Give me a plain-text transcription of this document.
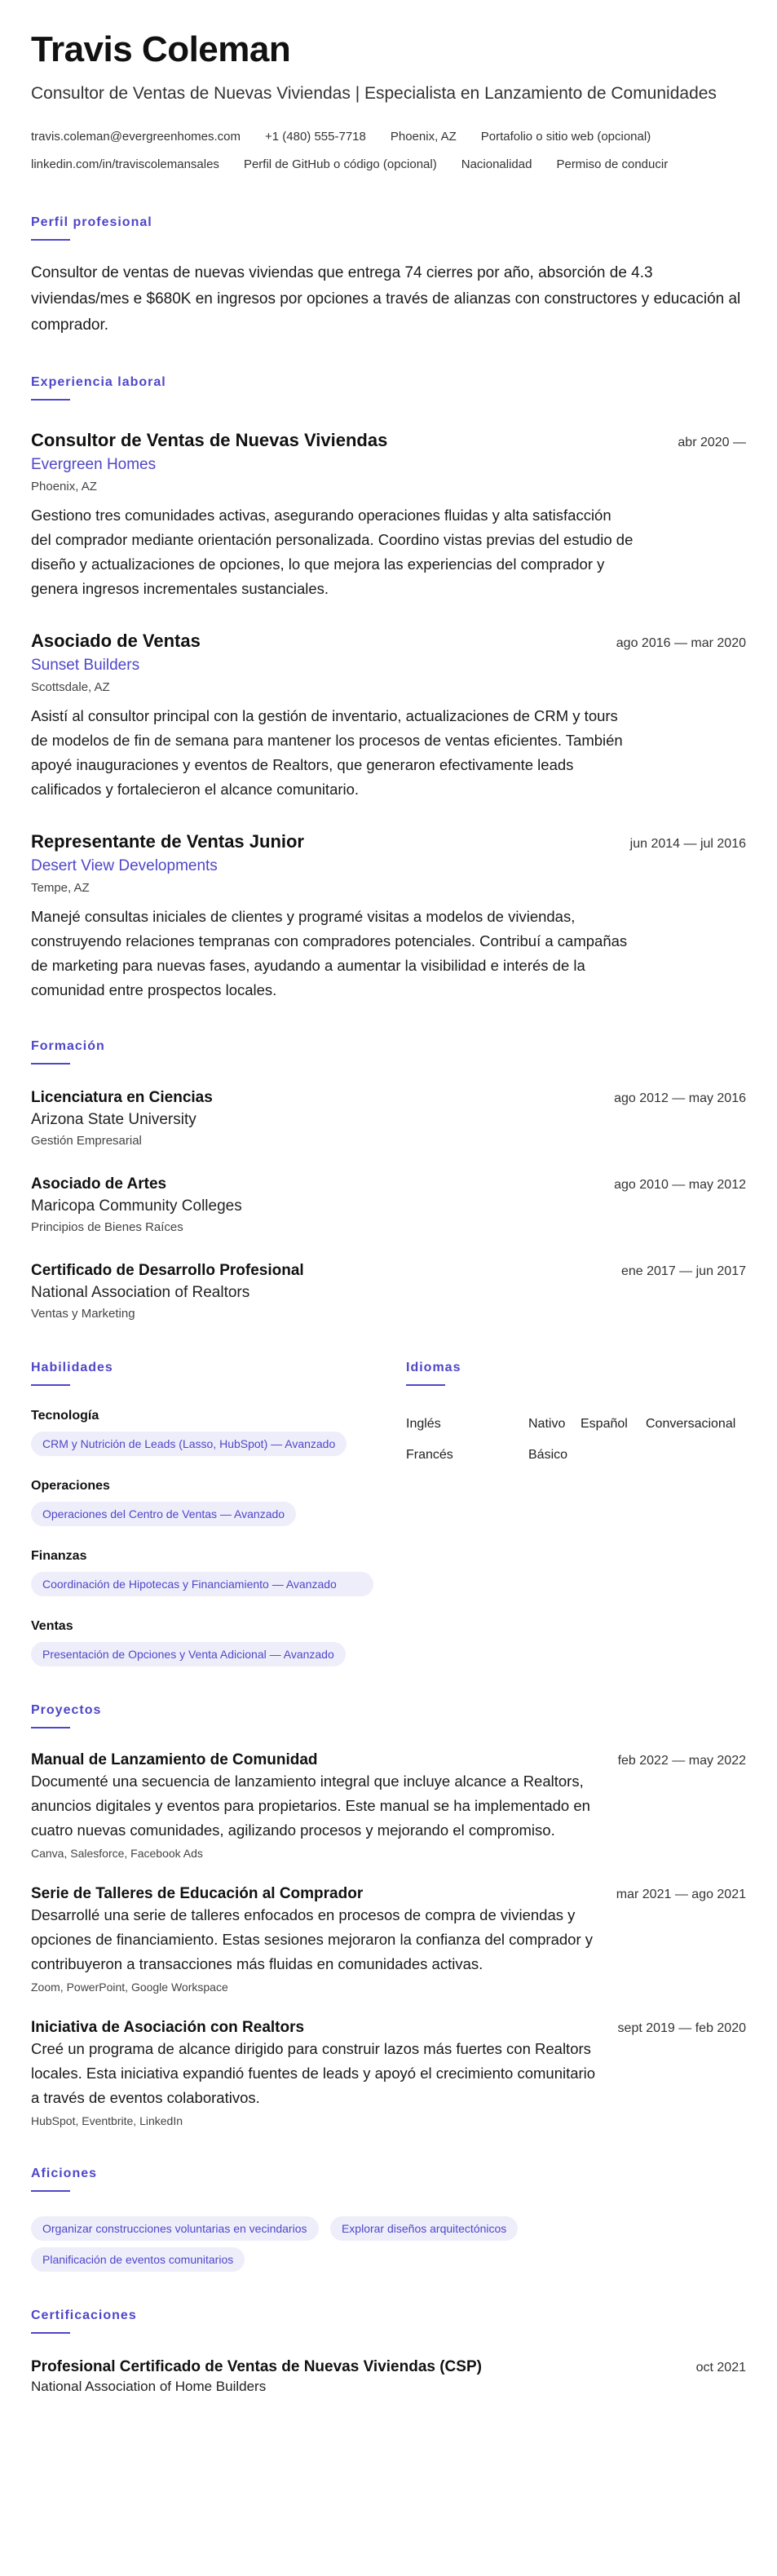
Travis Coleman
Consultor de Ventas de Nuevas Viviendas | Especialista en Lanzamiento de Comunidades
travis.coleman@evergreenhomes.com +1 (480) 555-7718 Phoenix, AZ Portafolio o sitio web (opcional)
linkedin.com/in/traviscolemansales Perfil de GitHub o código (opcional) Nacionalidad Permiso de conducir
Perfil profesional
Consultor de ventas de nuevas viviendas que entrega 74 cierres por año, absorción de 4.3 viviendas/mes e $680K en ingresos por opciones a través de alianzas con constructores y educación al comprador.
Experiencia laboral
Consultor de Ventas de Nuevas Viviendas	abr 2020 —
Evergreen Homes
Phoenix, AZ
Gestiono tres comunidades activas, asegurando operaciones fluidas y alta satisfacción del comprador mediante orientación personalizada. Coordino vistas previas del estudio de diseño y actualizaciones de opciones, lo que mejora las experiencias del comprador y genera ingresos incrementales sustanciales.
Asociado de Ventas	ago 2016 — mar 2020
Sunset Builders
Scottsdale, AZ
Asistí al consultor principal con la gestión de inventario, actualizaciones de CRM y tours de modelos de fin de semana para mantener los procesos de ventas eficientes. También apoyé inauguraciones y eventos de Realtors, que generaron efectivamente leads calificados y fortalecieron el alcance comunitario.
Representante de Ventas Junior	jun 2014 — jul 2016
Desert View Developments
Tempe, AZ
Manejé consultas iniciales de clientes y programé visitas a modelos de viviendas, construyendo relaciones tempranas con compradores potenciales. Contribuí a campañas de marketing para nuevas fases, ayudando a aumentar la visibilidad e interés de la comunidad entre prospectos locales.
Formación
Licenciatura en Ciencias	ago 2012 — may 2016
Arizona State University
Gestión Empresarial
Asociado de Artes	ago 2010 — may 2012
Maricopa Community Colleges
Principios de Bienes Raíces
Certificado de Desarrollo Profesional	ene 2017 — jun 2017
National Association of Realtors
Ventas y Marketing
Habilidades
Tecnología
CRM y Nutrición de Leads (Lasso, HubSpot) — Avanzado
Operaciones
Operaciones del Centro de Ventas — Avanzado
Finanzas
Coordinación de Hipotecas y Financiamiento — Avanzado
Ventas
Presentación de Opciones y Venta Adicional — Avanzado
Idiomas
Inglés	Nativo	Español	Conversacional
Francés	Básico
Proyectos
Manual de Lanzamiento de Comunidad	feb 2022 — may 2022
Documenté una secuencia de lanzamiento integral que incluye alcance a Realtors, anuncios digitales y eventos para propietarios. Este manual se ha implementado en cuatro nuevas comunidades, agilizando procesos y mejorando el compromiso.
Canva, Salesforce, Facebook Ads
Serie de Talleres de Educación al Comprador	mar 2021 — ago 2021
Desarrollé una serie de talleres enfocados en procesos de compra de viviendas y opciones de financiamiento. Estas sesiones mejoraron la confianza del comprador y contribuyeron a transacciones más fluidas en comunidades activas.
Zoom, PowerPoint, Google Workspace
Iniciativa de Asociación con Realtors	sept 2019 — feb 2020
Creé un programa de alcance dirigido para construir lazos más fuertes con Realtors locales. Esta iniciativa expandió fuentes de leads y apoyó el crecimiento comunitario a través de eventos colaborativos.
HubSpot, Eventbrite, LinkedIn
Aficiones
Organizar construcciones voluntarias en vecindarios	Explorar diseños arquitectónicos Planificación de eventos comunitarios
Certificaciones
Profesional Certificado de Ventas de Nuevas Viviendas (CSP)	oct 2021
National Association of Home Builders
